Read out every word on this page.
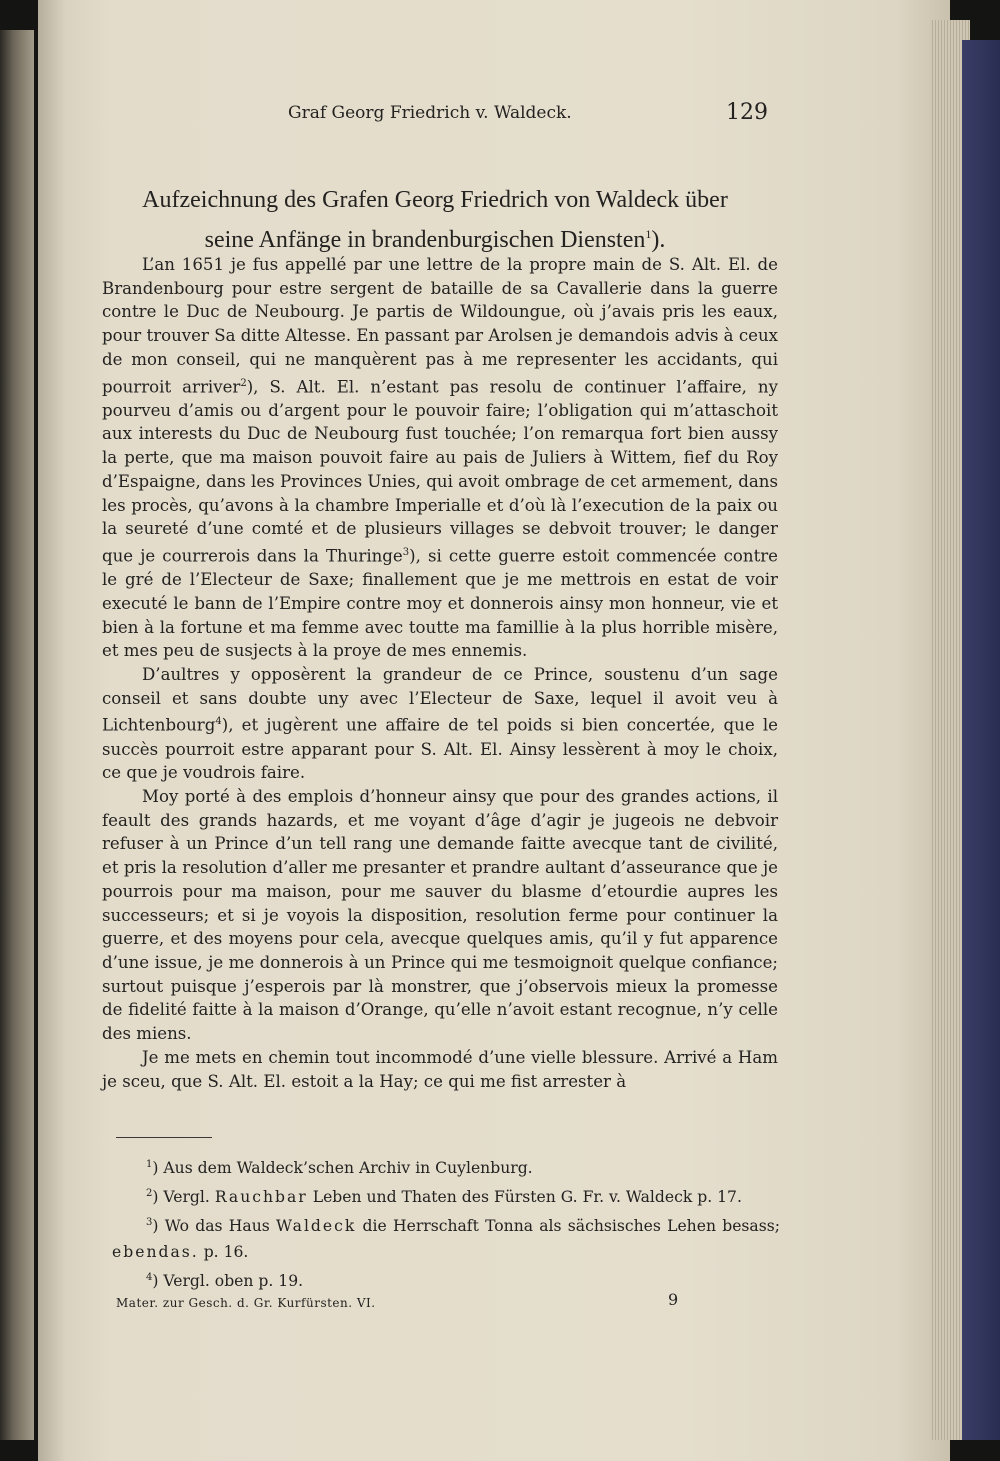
Graf Georg Friedrich v. Waldeck.	129
Aufzeichnung des Grafen Georg Friedrich von Waldeck über
seine Anfänge in brandenburgischen Diensten$^1$).

L’an 1651 je fus appellé par une lettre de la propre main de S. Alt. El. de Brandenbourg pour estre sergent de bataille de sa Cavallerie dans la guerre contre le Duc de Neubourg. Je partis de Wildoungue, où j’avais pris les eaux, pour trouver Sa ditte Altesse. En passant par Arolsen je demandois advis à ceux de mon conseil, qui ne manquèrent pas à me representer les accidants, qui pourroit arriver$^2$), S. Alt. El. n’estant pas resolu de continuer l’affaire, ny pourveu d’amis ou d’argent pour le pouvoir faire; l’obligation qui m’attaschoit aux interests du Duc de Neubourg fust touchée; l’on remarqua fort bien aussy la perte, que ma maison pouvoit faire au pais de Juliers à Wittem, fief du Roy d’Espaigne, dans les Provinces Unies, qui avoit ombrage de cet armement, dans les procès, qu’avons à la chambre Imperialle et d’où là l’execution de la paix ou la seureté d’une comté et de plusieurs villages se debvoit trouver; le danger que je courrerois dans la Thuringe$^3$), si cette guerre estoit commencée contre le gré de l’Electeur de Saxe; finallement que je me mettrois en estat de voir executé le bann de l’Empire contre moy et donnerois ainsy mon honneur, vie et bien à la fortune et ma femme avec toutte ma famillie à la plus horrible misère, et mes peu de susjects à la proye de mes ennemis.

D’aultres y opposèrent la grandeur de ce Prince, soustenu d’un sage conseil et sans doubte uny avec l’Electeur de Saxe, lequel il avoit veu à Lichtenbourg$^4$), et jugèrent une affaire de tel poids si bien concertée, que le succès pourroit estre apparant pour S. Alt. El. Ainsy lessèrent à moy le choix, ce que je voudrois faire.

Moy porté à des emplois d’honneur ainsy que pour des grandes actions, il feault des grands hazards, et me voyant d’âge d’agir je jugeois ne debvoir refuser à un Prince d’un tell rang une demande faitte avecque tant de civilité, et pris la resolution d’aller me presanter et prandre aultant d’asseurance que je pourrois pour ma maison, pour me sauver du blasme d’etourdie aupres les successeurs; et si je voyois la disposition, resolution ferme pour continuer la guerre, et des moyens pour cela, avecque quelques amis, qu’il y fut apparence d’une issue, je me donnerois à un Prince qui me tesmoignoit quelque confiance; surtout puisque j’esperois par là monstrer, que j’observois mieux la promesse de fidelité faitte à la maison d’Orange, qu’elle n’avoit estant recognue, n’y celle des miens.

Je me mets en chemin tout incommodé d’une vielle blessure. Arrivé a Ham je sceu, que S. Alt. El. estoit a la Hay; ce qui me fist arrester à

$^1$) Aus dem Waldeck’schen Archiv in Cuylenburg.
$^2$) Vergl. Rauchbar Leben und Thaten des Fürsten G. Fr. v. Waldeck p. 17.
$^3$) Wo das Haus Waldeck die Herrschaft Tonna als sächsisches Lehen besass; ebendas. p. 16.
$^4$) Vergl. oben p. 19.
Mater. zur Gesch. d. Gr. Kurfürsten. VI.	9
